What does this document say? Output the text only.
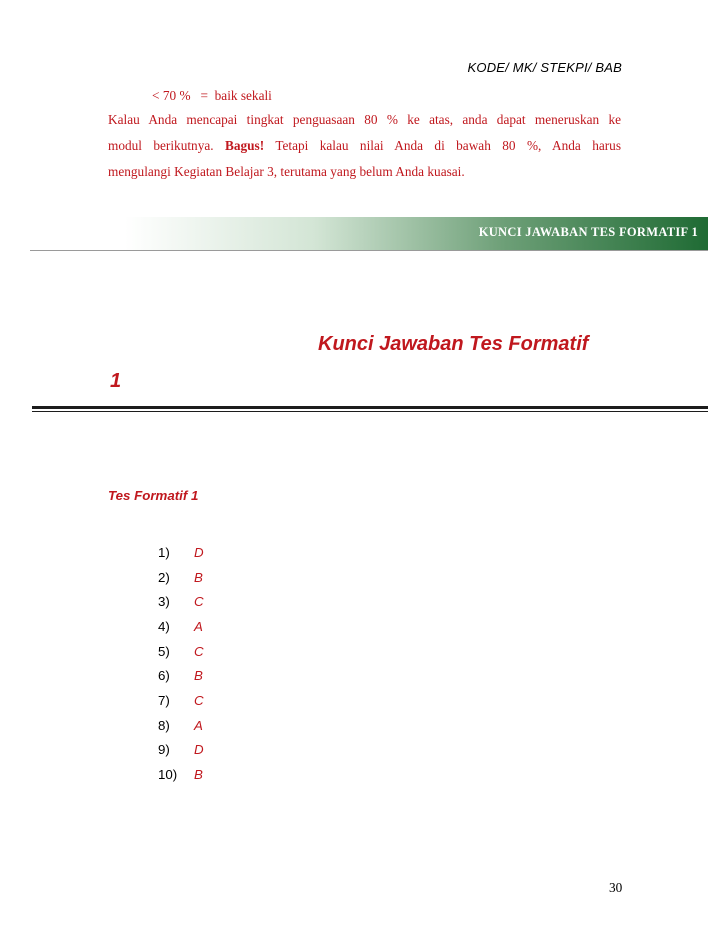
KODE/ MK/ STEKPI/ BAB
< 70 %   =  baik sekali
Kalau Anda mencapai tingkat penguasaan 80 % ke atas, anda dapat meneruskan ke
modul berikutnya. Bagus! Tetapi kalau nilai Anda di bawah 80 %, Anda harus
mengulangi Kegiatan Belajar 3, terutama yang belum Anda kuasai.
KUNCI JAWABAN TES FORMATIF 1
Kunci Jawaban Tes Formatif
1
Tes Formatif 1
1)	D
2)	B
3)	C
4)	A
5)	C
6)	B
7)	C
8)	A
9)	D
10)	B
30
